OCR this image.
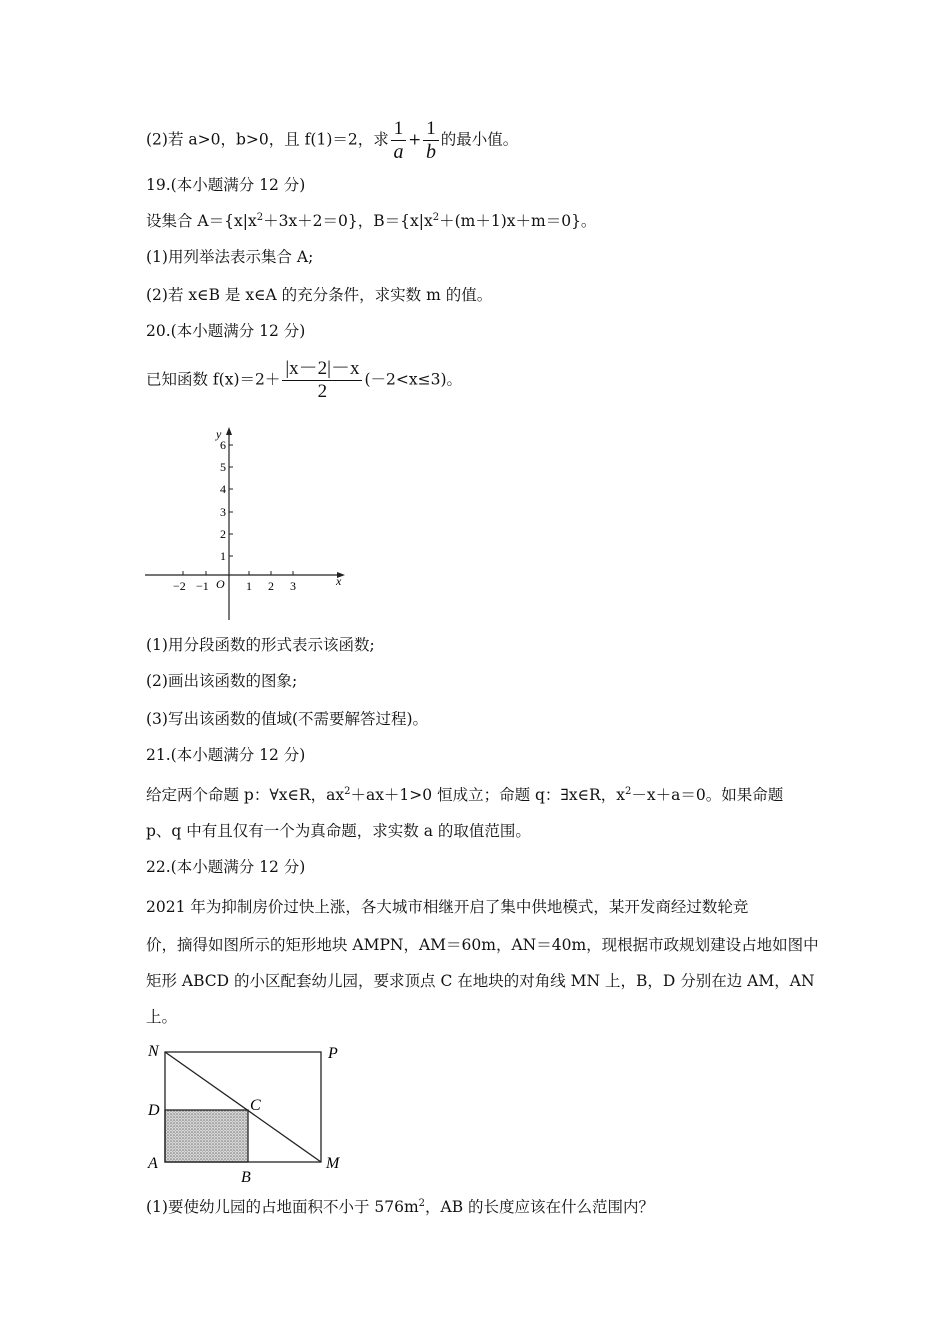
(2)若 a>0，b>0，且 f(1)＝2，求 $\frac{1}{a} + \frac{1}{b}$ 的最小值。
19.(本小题满分 12 分)
设集合 $A=\{x|x^2+3x+2=0\}$，$B=\{x|x^2+(m+1)x+m=0\}$。
(1)用列举法表示集合 A;
(2)若 x∈B 是 x∈A 的充分条件，求实数 m 的值。
20.(本小题满分 12 分)
已知函数 $f(x)=2+ \frac{|x-2|-x}{2} (-2<x\le 3)$。
y
x
O
6
5
4
3
2
1
−2 −1	1 2 3
(1)用分段函数的形式表示该函数;
(2)画出该函数的图象;
(3)写出该函数的值域(不需要解答过程)。
21.(本小题满分 12 分)
给定两个命题 p：∀x∈R，$ax^2+ax+1>0$ 恒成立；命题 q：∃x∈R，$x^2-x+a=0$。如果命题
p、q 中有且仅有一个为真命题，求实数 a 的取值范围。
22.(本小题满分 12 分)
2021 年为抑制房价过快上涨，各大城市相继开启了集中供地模式，某开发商经过数轮竞
价，摘得如图所示的矩形地块 AMPN，AM＝60m，AN＝40m，现根据市政规划建设占地如图中
矩形 ABCD 的小区配套幼儿园，要求顶点 C 在地块的对角线 MN 上，B，D 分别在边 AM，AN
上。
N	P
D	C
A
B
M
(1)要使幼儿园的占地面积不小于 $576m^2$，AB 的长度应该在什么范围内？
